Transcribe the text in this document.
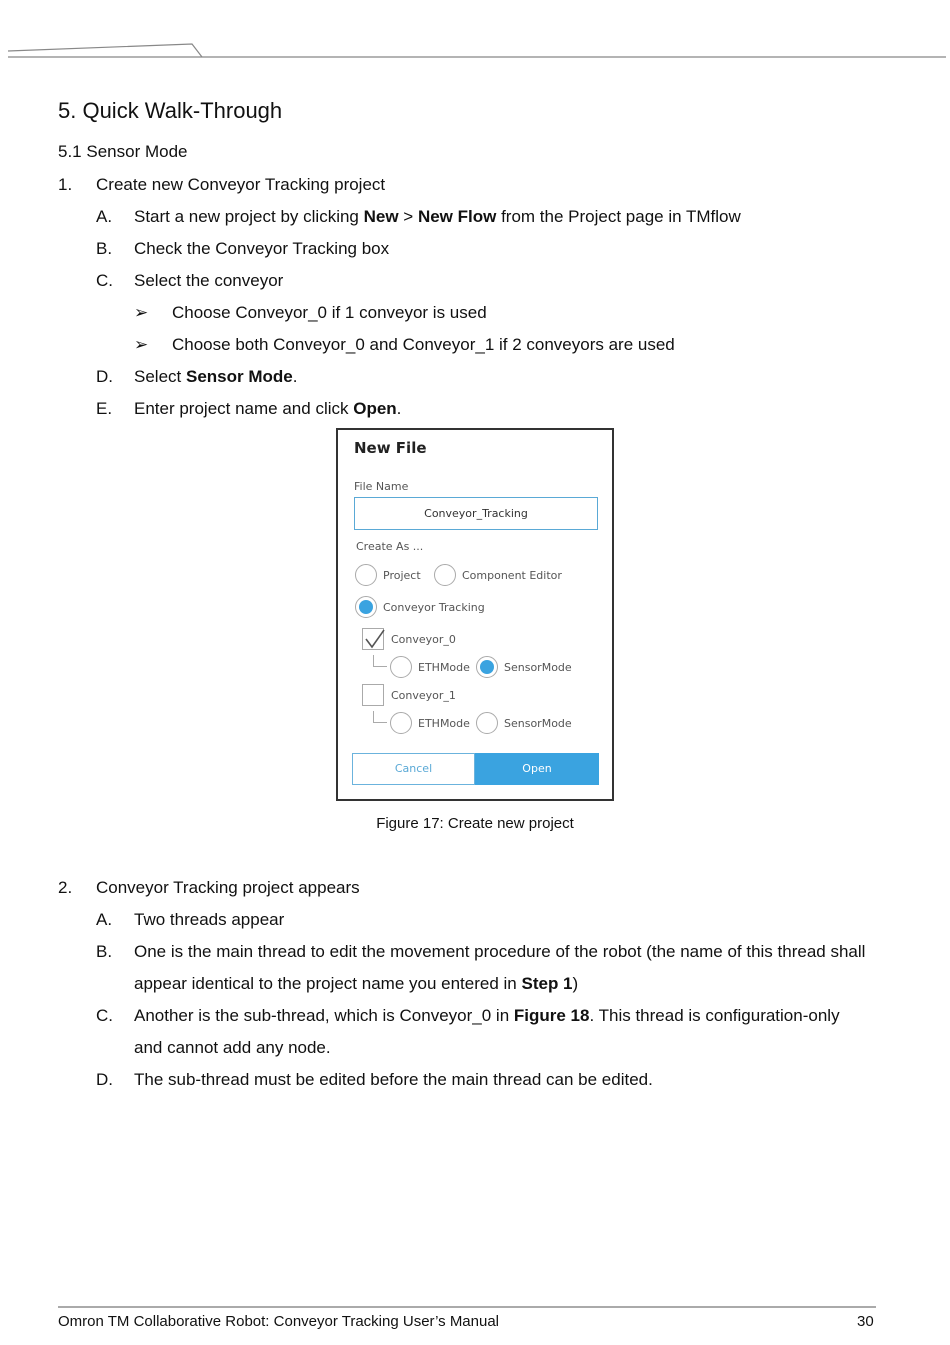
5. Quick Walk-Through
5.1 Sensor Mode
1. Create new Conveyor Tracking project
A. Start a new project by clicking New > New Flow from the Project page in TMflow
B. Check the Conveyor Tracking box
C. Select the conveyor
➢ Choose Conveyor_0 if 1 conveyor is used
➢ Choose both Conveyor_0 and Conveyor_1 if 2 conveyors are used
D. Select Sensor Mode.
E. Enter project name and click Open.
New File
File Name
Conveyor_Tracking
Create As ...
Project	Component Editor
Conveyor Tracking
Conveyor_0
ETHMode	SensorMode
Conveyor_1
ETHMode	SensorMode
Cancel	Open
Figure 17: Create new project
2. Conveyor Tracking project appears
A. Two threads appear
B. One is the main thread to edit the movement procedure of the robot (the name of this thread shall
appear identical to the project name you entered in Step 1)
C. Another is the sub-thread, which is Conveyor_0 in Figure 18. This thread is configuration-only
and cannot add any node.
D. The sub-thread must be edited before the main thread can be edited.
Omron TM Collaborative Robot: Conveyor Tracking User’s Manual	30
